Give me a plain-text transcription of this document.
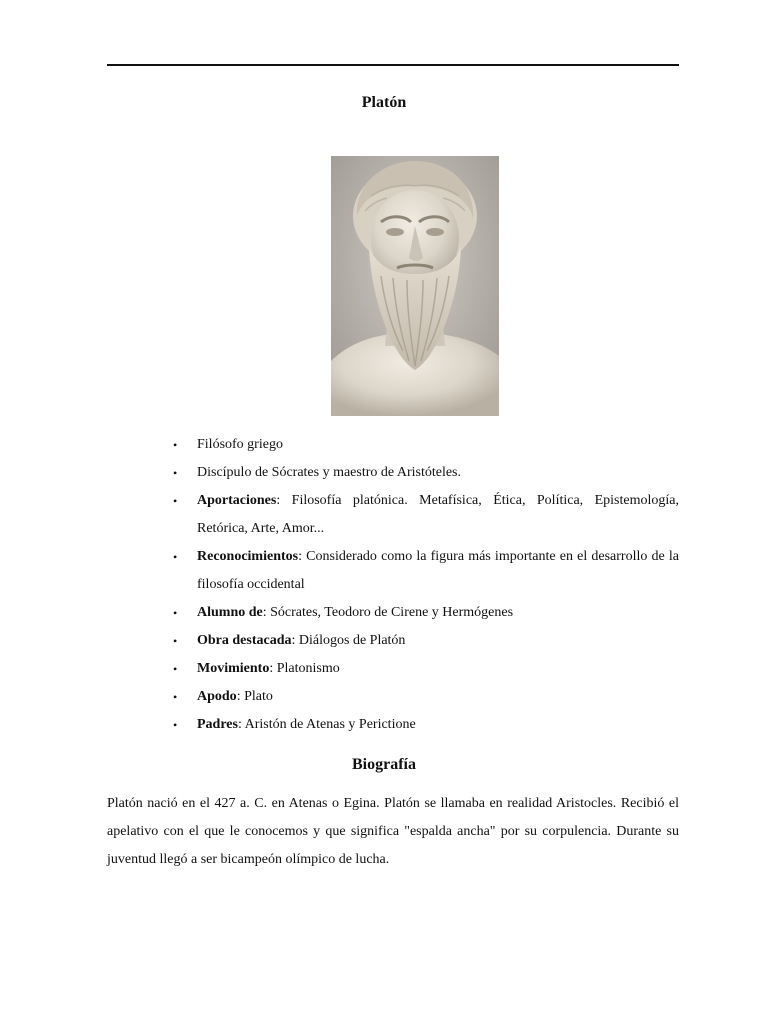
Platón
• Filósofo griego
• Discípulo de Sócrates y maestro de Aristóteles.
• Aportaciones: Filosofía platónica. Metafísica, Ética, Política, Epistemología, Retórica, Arte, Amor...
• Reconocimientos: Considerado como la figura más importante en el desarrollo de la filosofía occidental
• Alumno de: Sócrates, Teodoro de Cirene y Hermógenes
• Obra destacada: Diálogos de Platón
• Movimiento: Platonismo
• Apodo: Plato
• Padres: Aristón de Atenas y Perictione
Biografía

Platón nació en el 427 a. C. en Atenas o Egina. Platón se llamaba en realidad Aristocles. Recibió el apelativo con el que le conocemos y que significa "espalda ancha" por su corpulencia. Durante su juventud llegó a ser bicampeón olímpico de lucha.
